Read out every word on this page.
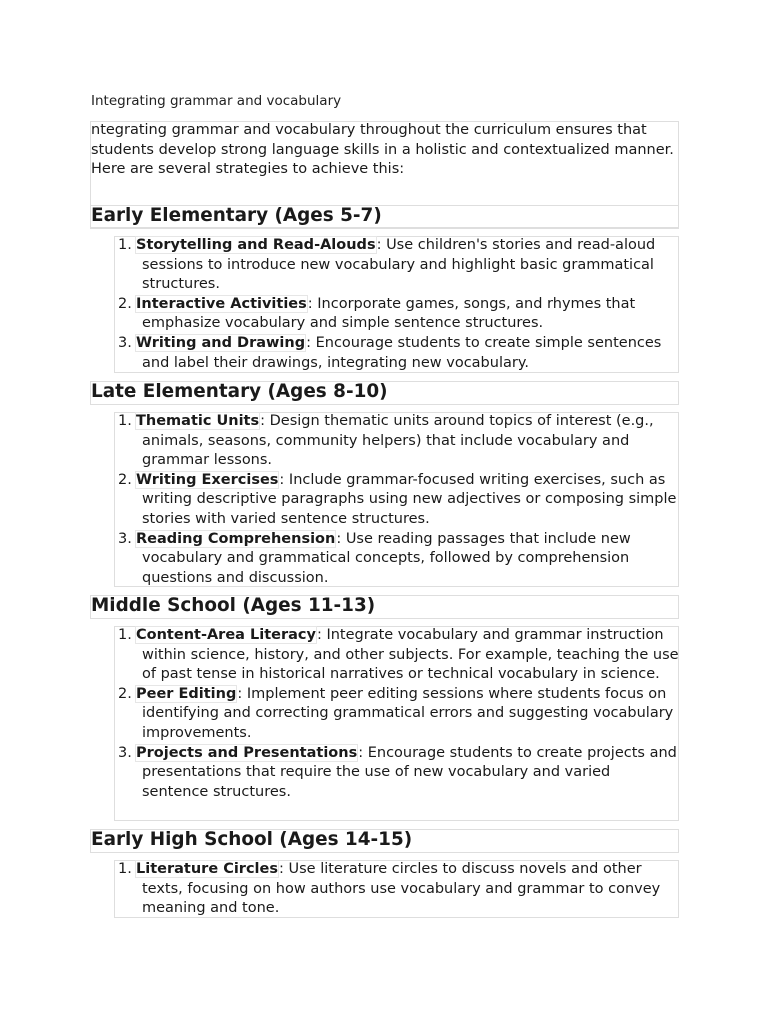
Integrating grammar and vocabulary
ntegrating grammar and vocabulary throughout the curriculum ensures that students develop strong language skills in a holistic and contextualized manner. Here are several strategies to achieve this:
Early Elementary (Ages 5-7)
1. Storytelling and Read-Alouds: Use children's stories and read-aloud sessions to introduce new vocabulary and highlight basic grammatical structures.
2. Interactive Activities: Incorporate games, songs, and rhymes that emphasize vocabulary and simple sentence structures.
3. Writing and Drawing: Encourage students to create simple sentences and label their drawings, integrating new vocabulary.
Late Elementary (Ages 8-10)
1. Thematic Units: Design thematic units around topics of interest (e.g., animals, seasons, community helpers) that include vocabulary and grammar lessons.
2. Writing Exercises: Include grammar-focused writing exercises, such as writing descriptive paragraphs using new adjectives or composing simple stories with varied sentence structures.
3. Reading Comprehension: Use reading passages that include new vocabulary and grammatical concepts, followed by comprehension questions and discussion.
Middle School (Ages 11-13)
1. Content-Area Literacy: Integrate vocabulary and grammar instruction within science, history, and other subjects. For example, teaching the use of past tense in historical narratives or technical vocabulary in science.
2. Peer Editing: Implement peer editing sessions where students focus on identifying and correcting grammatical errors and suggesting vocabulary improvements.
3. Projects and Presentations: Encourage students to create projects and presentations that require the use of new vocabulary and varied sentence structures.
Early High School (Ages 14-15)
1. Literature Circles: Use literature circles to discuss novels and other texts, focusing on how authors use vocabulary and grammar to convey meaning and tone.
